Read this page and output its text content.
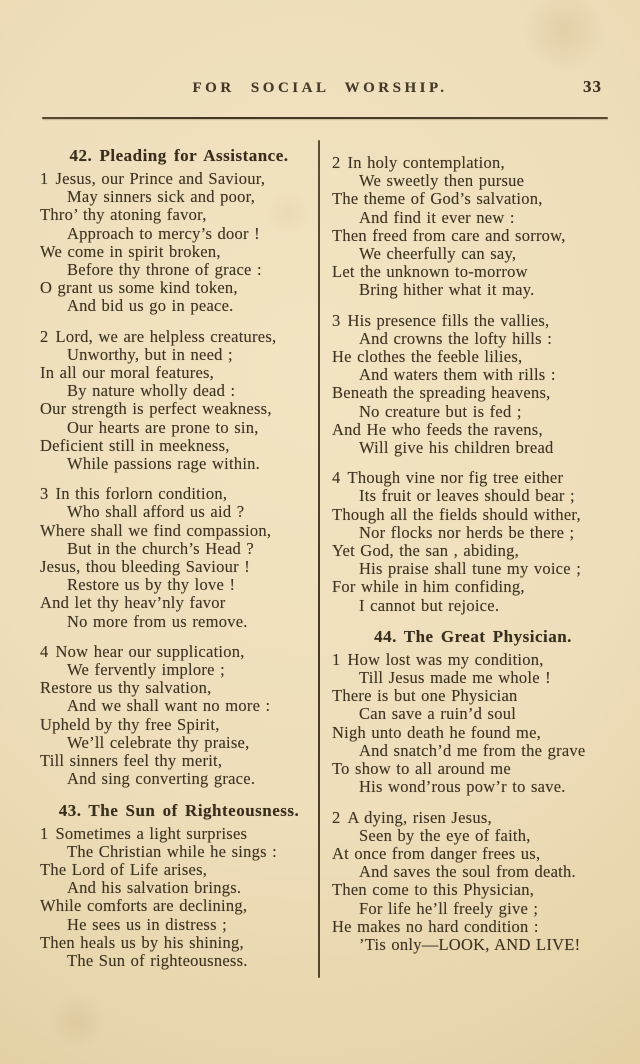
FOR SOCIAL WORSHIP.	33
42. Pleading for Assistance.
1 Jesus, our Prince and Saviour,
May sinners sick and poor,
Thro’ thy atoning favor,
Approach to mercy’s door !
We come in spirit broken,
Before thy throne of grace :
O grant us some kind token,
And bid us go in peace.
2 Lord, we are helpless creatures,
Unworthy, but in need ;
In all our moral features,
By nature wholly dead :
Our strength is perfect weakness,
Our hearts are prone to sin,
Deficient still in meekness,
While passions rage within.
3 In this forlorn condition,
Who shall afford us aid ?
Where shall we find compassion,
But in the church’s Head ?
Jesus, thou bleeding Saviour !
Restore us by thy love !
And let thy heav’nly favor
No more from us remove.
4 Now hear our supplication,
We fervently implore ;
Restore us thy salvation,
And we shall want no more :
Upheld by thy free Spirit,
We’ll celebrate thy praise,
Till sinners feel thy merit,
And sing converting grace.
43. The Sun of Righteousness.
1 Sometimes a light surprises
The Christian while he sings :
The Lord of Life arises,
And his salvation brings.
While comforts are declining,
He sees us in distress ;
Then heals us by his shining,
The Sun of righteousness.
2 In holy contemplation,
We sweetly then pursue
The theme of God’s salvation,
And find it ever new :
Then freed from care and sorrow,
We cheerfully can say,
Let the unknown to-morrow
Bring hither what it may.
3 His presence fills the vallies,
And crowns the lofty hills :
He clothes the feeble lilies,
And waters them with rills :
Beneath the spreading heavens,
No creature but is fed ;
And He who feeds the ravens,
Will give his children bread
4 Though vine nor fig tree either
Its fruit or leaves should bear ;
Though all the fields should wither,
Nor flocks nor herds be there ;
Yet God, the san , abiding,
His praise shall tune my voice ;
For while in him confiding,
I cannot but rejoice.
44. The Great Physician.
1 How lost was my condition,
Till Jesus made me whole !
There is but one Physician
Can save a ruin’d soul
Nigh unto death he found me,
And snatch’d me from the grave
To show to all around me
His wond’rous pow’r to save.
2 A dying, risen Jesus,
Seen by the eye of faith,
At once from danger frees us,
And saves the soul from death.
Then come to this Physician,
For life he’ll freely give ;
He makes no hard condition :
’Tis only—LOOK, AND LIVE!
